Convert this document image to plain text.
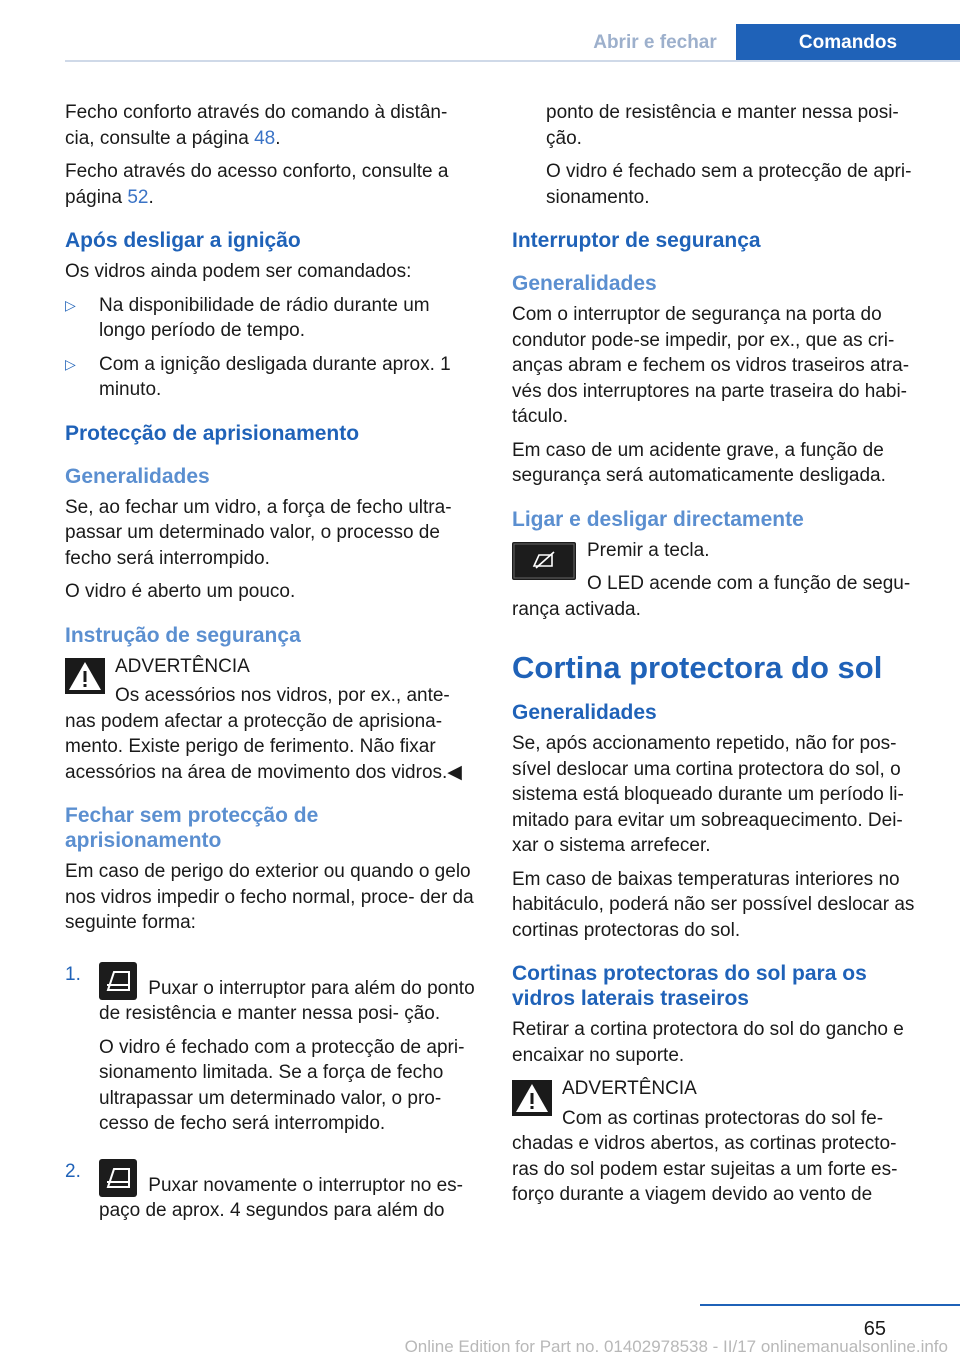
Abrir e fechar	Comandos

Fecho conforto através do comando à distân‐ cia, consulte a página 48.

Fecho através do acesso conforto, consulte a página 52.

Após desligar a ignição

Os vidros ainda podem ser comandados:

▷ Na disponibilidade de rádio durante um longo período de tempo.
▷ Com a ignição desligada durante aprox. 1 minuto.
Protecção de aprisionamento
Generalidades

Se, ao fechar um vidro, a força de fecho ultra‐ passar um determinado valor, o processo de fecho será interrompido.

O vidro é aberto um pouco.

Instrução de segurança

ADVERTÊNCIA

Os acessórios nos vidros, por ex., ante‐ nas podem afectar a protecção de aprisiona‐ mento. Existe perigo de ferimento. Não fixar acessórios na área de movimento dos vidros.◀

Fechar sem protecção de aprisionamento

Em caso de perigo do exterior ou quando o gelo nos vidros impedir o fecho normal, proce‐ der da seguinte forma:

1.
Puxar o interruptor para além do ponto de resistência e manter nessa posi‐ ção.

O vidro é fechado com a protecção de apri‐ sionamento limitada. Se a força de fecho ultrapassar um determinado valor, o pro‐ cesso de fecho será interrompido.

2.
Puxar novamente o interruptor no es‐ paço de aprox. 4 segundos para além do

ponto de resistência e manter nessa posi‐ ção.

O vidro é fechado sem a protecção de apri‐ sionamento.

Interruptor de segurança
Generalidades

Com o interruptor de segurança na porta do condutor pode-se impedir, por ex., que as cri‐ anças abram e fechem os vidros traseiros atra‐ vés dos interruptores na parte traseira do habi‐ táculo.

Em caso de um acidente grave, a função de segurança será automaticamente desligada.

Ligar e desligar directamente

Premir a tecla.

O LED acende com a função de segu‐ rança activada.

Cortina protectora do sol
Generalidades

Se, após accionamento repetido, não for pos‐ sível deslocar uma cortina protectora do sol, o sistema está bloqueado durante um período li‐ mitado para evitar um sobreaquecimento. Dei‐ xar o sistema arrefecer.

Em caso de baixas temperaturas interiores no habitáculo, poderá não ser possível deslocar as cortinas protectoras do sol.

Cortinas protectoras do sol para os vidros laterais traseiros

Retirar a cortina protectora do sol do gancho e encaixar no suporte.

ADVERTÊNCIA

Com as cortinas protectoras do sol fe‐ chadas e vidros abertos, as cortinas protecto‐ ras do sol podem estar sujeitas a um forte es‐ forço durante a viagem devido ao vento de

65
Online Edition for Part no. 01402978538 - II/17 onlinemanualsonline.info
